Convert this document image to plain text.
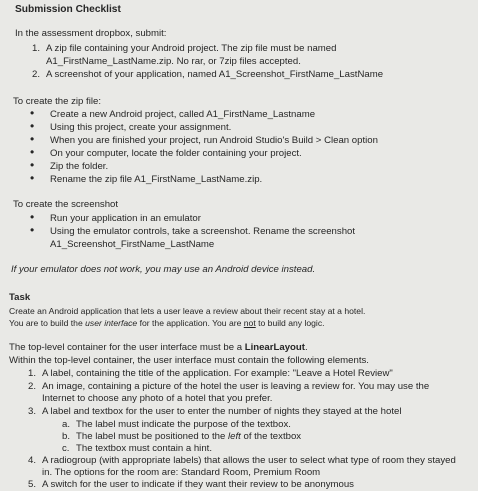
Submission Checklist
In the assessment dropbox, submit:
1. A zip file containing your Android project. The zip file must be named
A1_FirstName_LastName.zip. No rar, or 7zip files accepted.
2. A screenshot of your application, named A1_Screenshot_FirstName_LastName
To create the zip file:
•Create a new Android project, called A1_FirstName_Lastname
•Using this project, create your assignment.
•When you are finished your project, run Android Studio's Build > Clean option
•On your computer, locate the folder containing your project.
•Zip the folder.
•Rename the zip file A1_FirstName_LastName.zip.
To create the screenshot
•Run your application in an emulator
•Using the emulator controls, take a screenshot. Rename the screenshot
A1_Screenshot_FirstName_LastName
If your emulator does not work, you may use an Android device instead.
Task
Create an Android application that lets a user leave a review about their recent stay at a hotel.
You are to build the user interface for the application. You are not to build any logic.
The top-level container for the user interface must be a LinearLayout.
Within the top-level container, the user interface must contain the following elements.
1. A label, containing the title of the application. For example: "Leave a Hotel Review"
2. An image, containing a picture of the hotel the user is leaving a review for. You may use the
Internet to choose any photo of a hotel that you prefer.
3. A label and textbox for the user to enter the number of nights they stayed at the hotel
a. The label must indicate the purpose of the textbox.
b. The label must be positioned to the left of the textbox
c. The textbox must contain a hint.
4. A radiogroup (with appropriate labels) that allows the user to select what type of room they stayed
in. The options for the room are: Standard Room, Premium Room
5. A switch for the user to indicate if they want their review to be anonymous
